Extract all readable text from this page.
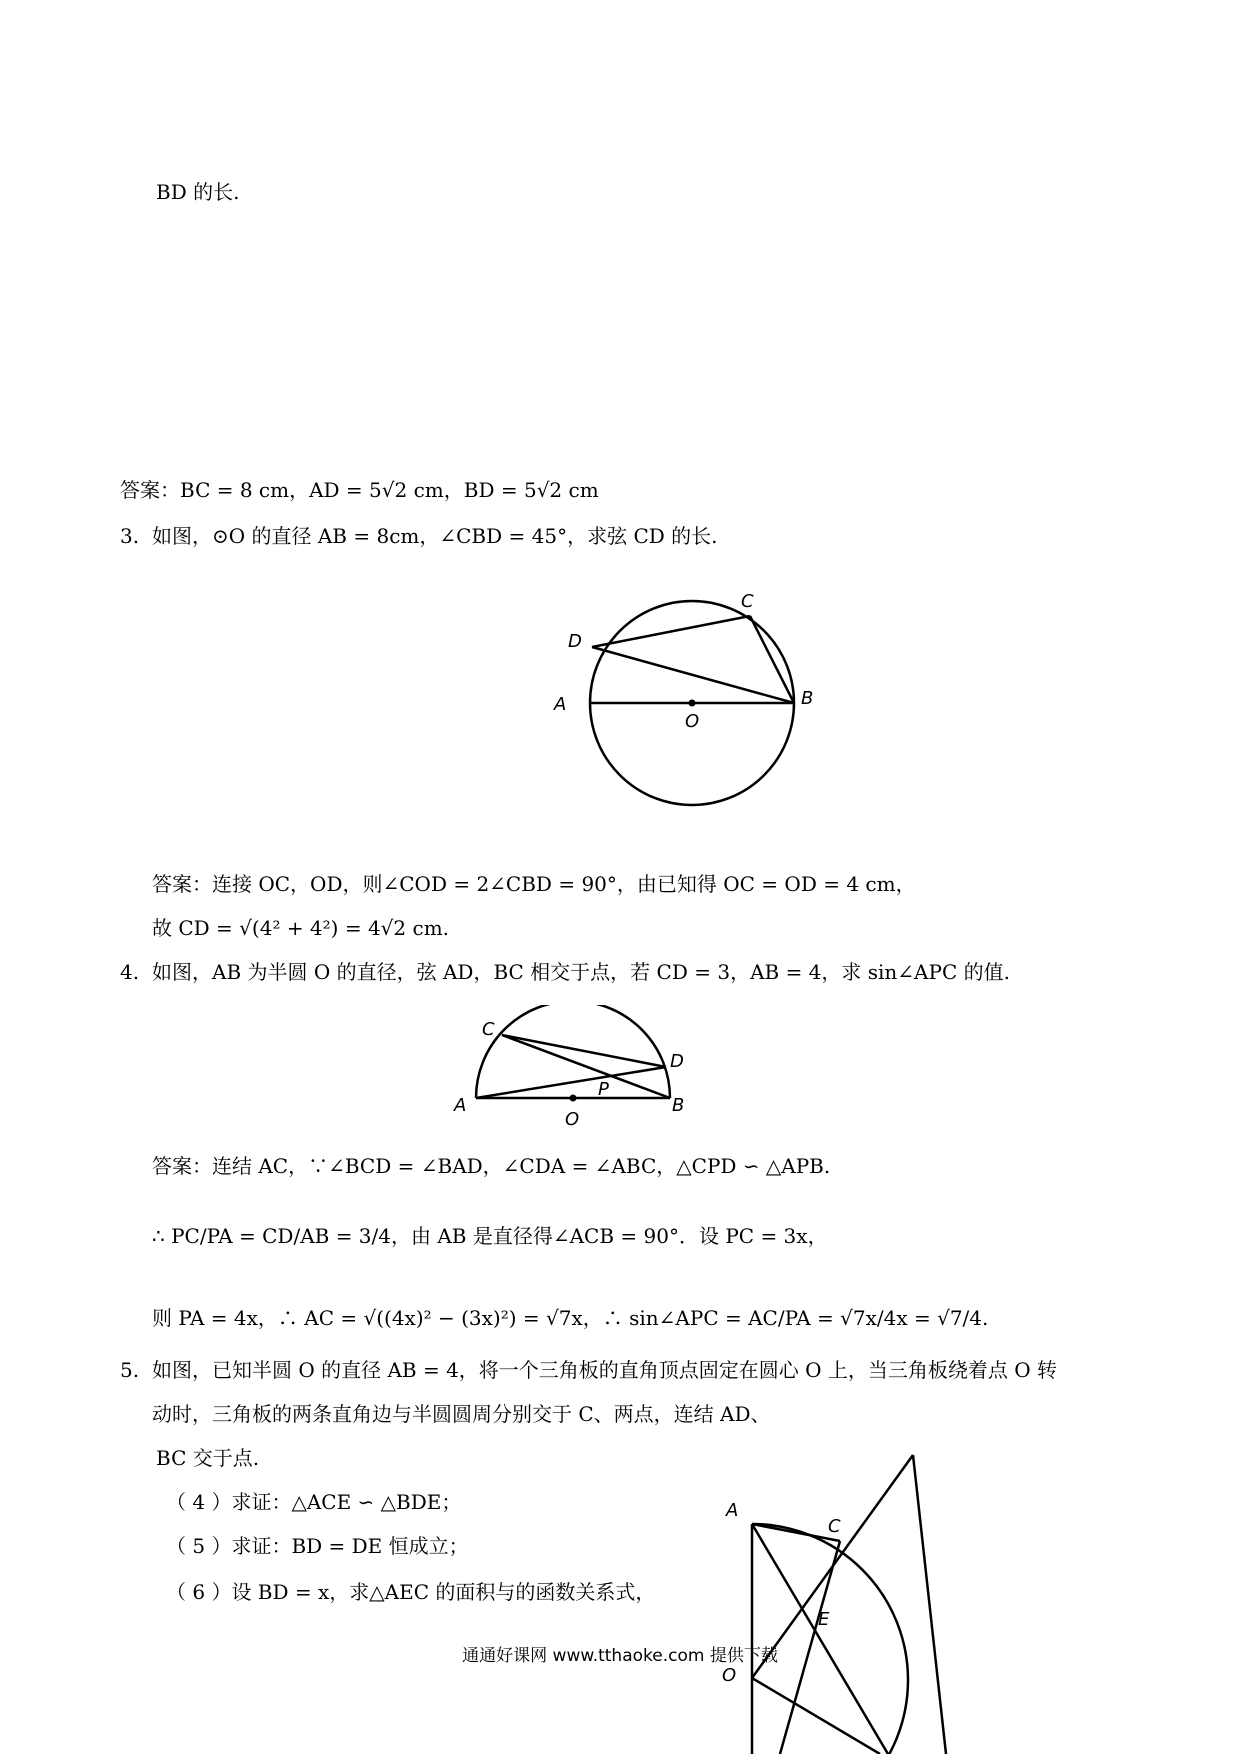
BD 的长.
答案：BC = 8 cm，AD = 5√2 cm，BD = 5√2 cm
3. 如图，⊙O 的直径 AB = 8cm，∠CBD = 45°，求弦 CD 的长.
A	B
C
D
O
答案：连接 OC，OD，则∠COD = 2∠CBD = 90°，由已知得 OC = OD = 4 cm，
故 CD = √(4² + 4²) = 4√2 cm.
4. 如图，AB 为半圆 O 的直径，弦 AD，BC 相交于点，若 CD = 3，AB = 4，求 sin∠APC 的值.
A	B
C
D
P
O
答案：连结 AC，∵∠BCD = ∠BAD，∠CDA = ∠ABC，△CPD ∽ △APB.
∴ PC/PA = CD/AB = 3/4，由 AB 是直径得∠ACB = 90°．设 PC = 3x，
则 PA = 4x，∴ AC = √((4x)² − (3x)²) = √7x，∴ sin∠APC = AC/PA = √7x/4x = √7/4.
5. 如图，已知半圆 O 的直径 AB = 4，将一个三角板的直角顶点固定在圆心 O 上，当三角板绕着点 O 转
动时，三角板的两条直角边与半圆圆周分别交于 C、两点，连结 AD、
BC 交于点.
（ 4 ）求证：△ACE ∽ △BDE；
（ 5 ）求证：BD = DE 恒成立；
（ 6 ）设 BD = x，求△AEC 的面积与的函数关系式，
A
C
E
O
通通好课网 www.tthaoke.com 提供下载
